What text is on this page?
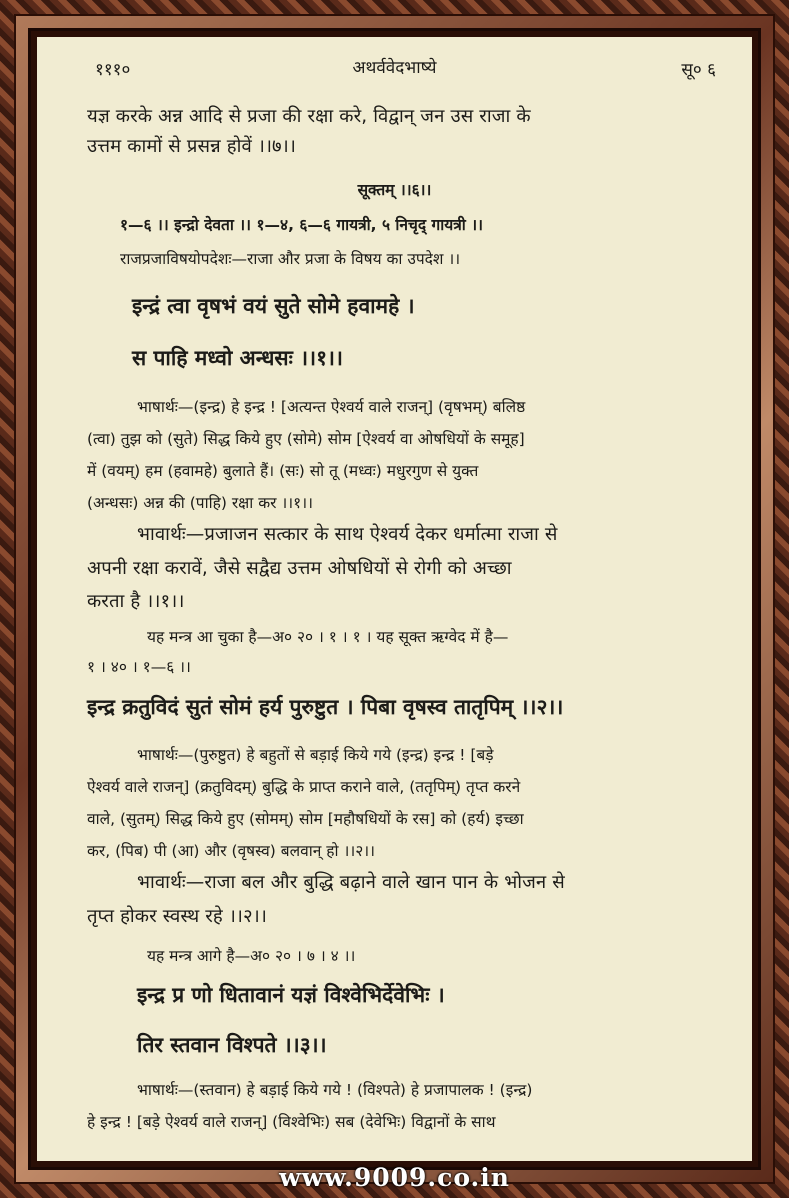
१११०	अथर्ववेदभाष्ये	सू० ६
यज्ञ करके अन्न आदि से प्रजा की रक्षा करे, विद्वान् जन उस राजा के
उत्तम कामों से प्रसन्न होवें ।।७।।
सूक्तम् ।।६।।
१—६ ।। इन्द्रो देवता ।। १—४, ६—६ गायत्री, ५ निचृद् गायत्री ।।
राजप्रजाविषयोपदेशः—राजा और प्रजा के विषय का उपदेश ।।
इन्द्रं त्वा वृषभं वयं सुते सोमे हवामहे ।
स पाहि मध्वो अन्धसः ।।१।।
भाषार्थः—(इन्द्र) हे इन्द्र ! [अत्यन्त ऐश्वर्य वाले राजन्] (वृषभम्) बलिष्ठ
(त्वा) तुझ को (सुते) सिद्ध किये हुए (सोमे) सोम [ऐश्वर्य वा ओषधियों के समूह]
में (वयम्) हम (हवामहे) बुलाते हैं। (सः) सो तू (मध्वः) मधुरगुण से युक्त
(अन्धसः) अन्न की (पाहि) रक्षा कर ।।१।।
भावार्थः—प्रजाजन सत्कार के साथ ऐश्वर्य देकर धर्मात्मा राजा से
अपनी रक्षा करावें, जैसे सद्वैद्य उत्तम ओषधियों से रोगी को अच्छा
करता है ।।१।।
यह मन्त्र आ चुका है—अ० २० । १ । १ । यह सूक्त ऋग्वेद में है—
१ । ४० । १—६ ।।
इन्द्र क्रतुविदं सुतं सोमं हर्य पुरुष्टुत । पिबा वृषस्व तातृपिम् ।।२।।
भाषार्थः—(पुरुष्टुत) हे बहुतों से बड़ाई किये गये (इन्द्र) इन्द्र ! [बड़े
ऐश्वर्य वाले राजन्] (क्रतुविदम्) बुद्धि के प्राप्त कराने वाले, (ततृपिम्) तृप्त करने
वाले, (सुतम्) सिद्ध किये हुए (सोमम्) सोम [महौषधियों के रस] को (हर्य) इच्छा
कर, (पिब) पी (आ) और (वृषस्व) बलवान् हो ।।२।।
भावार्थः—राजा बल और बुद्धि बढ़ाने वाले खान पान के भोजन से
तृप्त होकर स्वस्थ रहे ।।२।।
यह मन्त्र आगे है—अ० २० । ७ । ४ ।।
इन्द्र प्र णो धितावानं यज्ञं विश्वेभिर्देवेभिः ।
तिर स्तवान विश्पते ।।३।।
भाषार्थः—(स्तवान) हे बड़ाई किये गये ! (विश्पते) हे प्रजापालक ! (इन्द्र)
हे इन्द्र ! [बड़े ऐश्वर्य वाले राजन्] (विश्वेभिः) सब (देवेभिः) विद्वानों के साथ
www.9009.co.in
